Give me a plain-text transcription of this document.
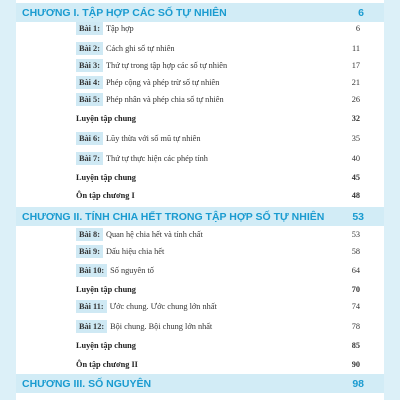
CHƯƠNG I. TẬP HỢP CÁC SỐ TỰ NHIÊN	6
Bài 1: Tập hợp	6
Bài 2: Cách ghi số tự nhiên	11
Bài 3: Thứ tự trong tập hợp các số tự nhiên	17
Bài 4: Phép cộng và phép trừ số tự nhiên	21
Bài 5: Phép nhân và phép chia số tự nhiên	26
Luyện tập chung	32
Bài 6: Lũy thừa với số mũ tự nhiên	35
Bài 7: Thứ tự thực hiện các phép tính	40
Luyện tập chung	45
Ôn tập chương I	48
CHƯƠNG II. TÍNH CHIA HẾT TRONG TẬP HỢP SỐ TỰ NHIÊN	53
Bài 8: Quan hệ chia hết và tính chất	53
Bài 9: Dấu hiệu chia hết	58
Bài 10: Số nguyên tố	64
Luyện tập chung	70
Bài 11: Ước chung. Ước chung lớn nhất	74
Bài 12: Bội chung. Bội chung lớn nhất	78
Luyện tập chung	85
Ôn tập chương II	90
CHƯƠNG III. SỐ NGUYÊN	98
